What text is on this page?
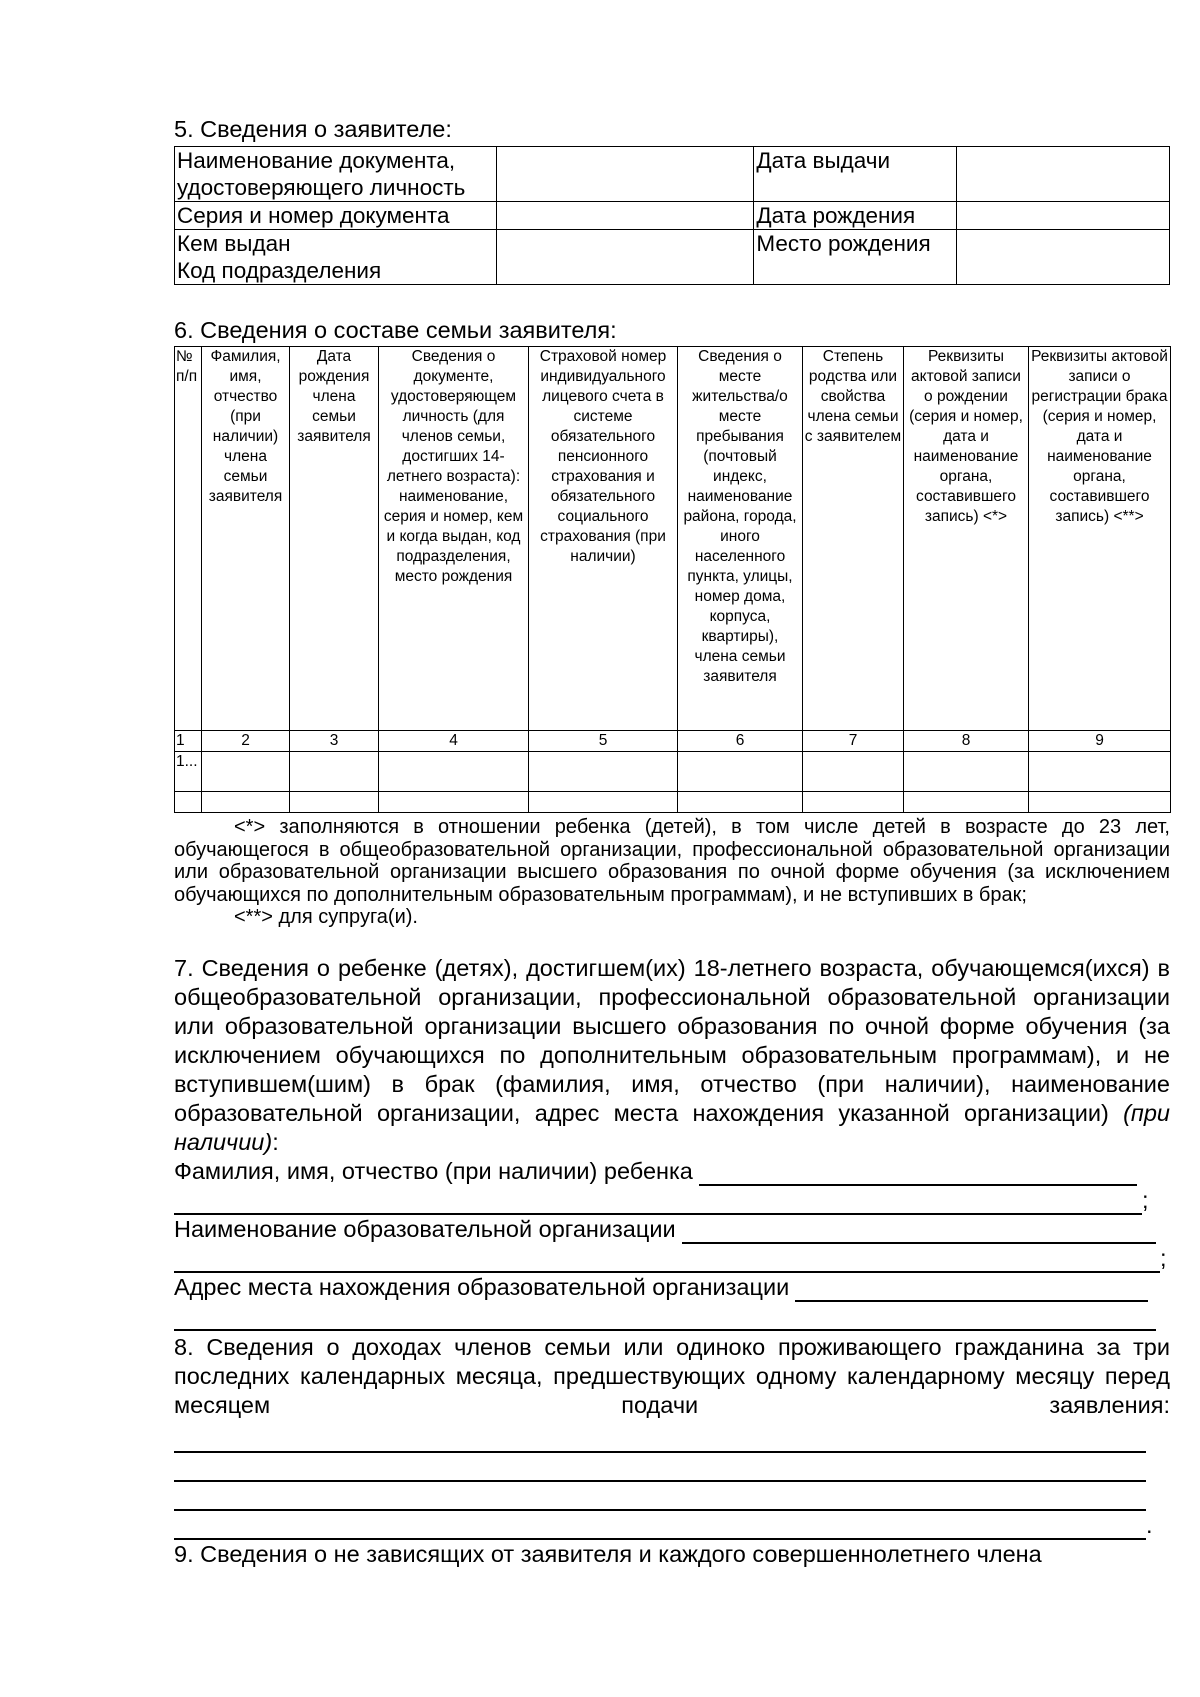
5. Сведения о заявителе:

Наименование документа,
удостоверяющего личность		Дата выдачи	
Серия и номер документа		Дата рождения	

Кем выдан
Код подразделения		Место рождения	

6. Сведения о составе семьи заявителя:

№ п/п	Фамилия, имя, отчество (при наличии) члена семьи заявителя	Дата рождения члена семьи заявителя	Сведения о документе, удостоверяющем личность (для членов семьи, достигших 14-летнего возраста): наименование, серия и номер, кем и когда выдан, код подразделения, место рождения	Страховой номер индивидуального лицевого счета в системе обязательного пенсионного страхования и обязательного социального страхования (при наличии)	Сведения о месте жительства/о месте пребывания (почтовый индекс, наименование района, города, иного населенного пункта, улицы, номер дома, корпуса, квартиры), члена семьи заявителя	Степень родства или свойства члена семьи с заявителем	Реквизиты актовой записи о рождении (серия и номер, дата и наименование органа, составившего запись) <*>	Реквизиты актовой записи о регистрации брака (серия и номер, дата и наименование органа, составившего запись) <**>
1	2	3	4	5	6	7	8	9
1...								

<*> заполняются в отношении ребенка (детей), в том числе детей в возрасте до 23 лет, обучающегося в общеобразовательной организации, профессиональной образовательной организации или образовательной организации высшего образования по очной форме обучения (за исключением обучающихся по дополнительным образовательным программам), и не вступивших в брак;
<**> для супруга(и).
7. Сведения о ребенке (детях), достигшем(их) 18-летнего возраста, обучающемся(ихся) в общеобразовательной организации, профессиональной образовательной организации или образовательной организации высшего образования по очной форме обучения (за исключением обучающихся по дополнительным образовательным программам), и не вступившем(шим) в брак (фамилия, имя, отчество (при наличии), наименование образовательной организации, адрес места нахождения указанной организации) (при наличии):
Фамилия, имя, отчество (при наличии) ребенка
;
Наименование образовательной организации
;
Адрес места нахождения образовательной организации
8. Сведения о доходах членов семьи или одиноко проживающего гражданина за три последних календарных месяца, предшествующих одному календарному месяцу перед месяцем подачи заявления:
.
9. Сведения о не зависящих от заявителя и каждого совершеннолетнего члена
